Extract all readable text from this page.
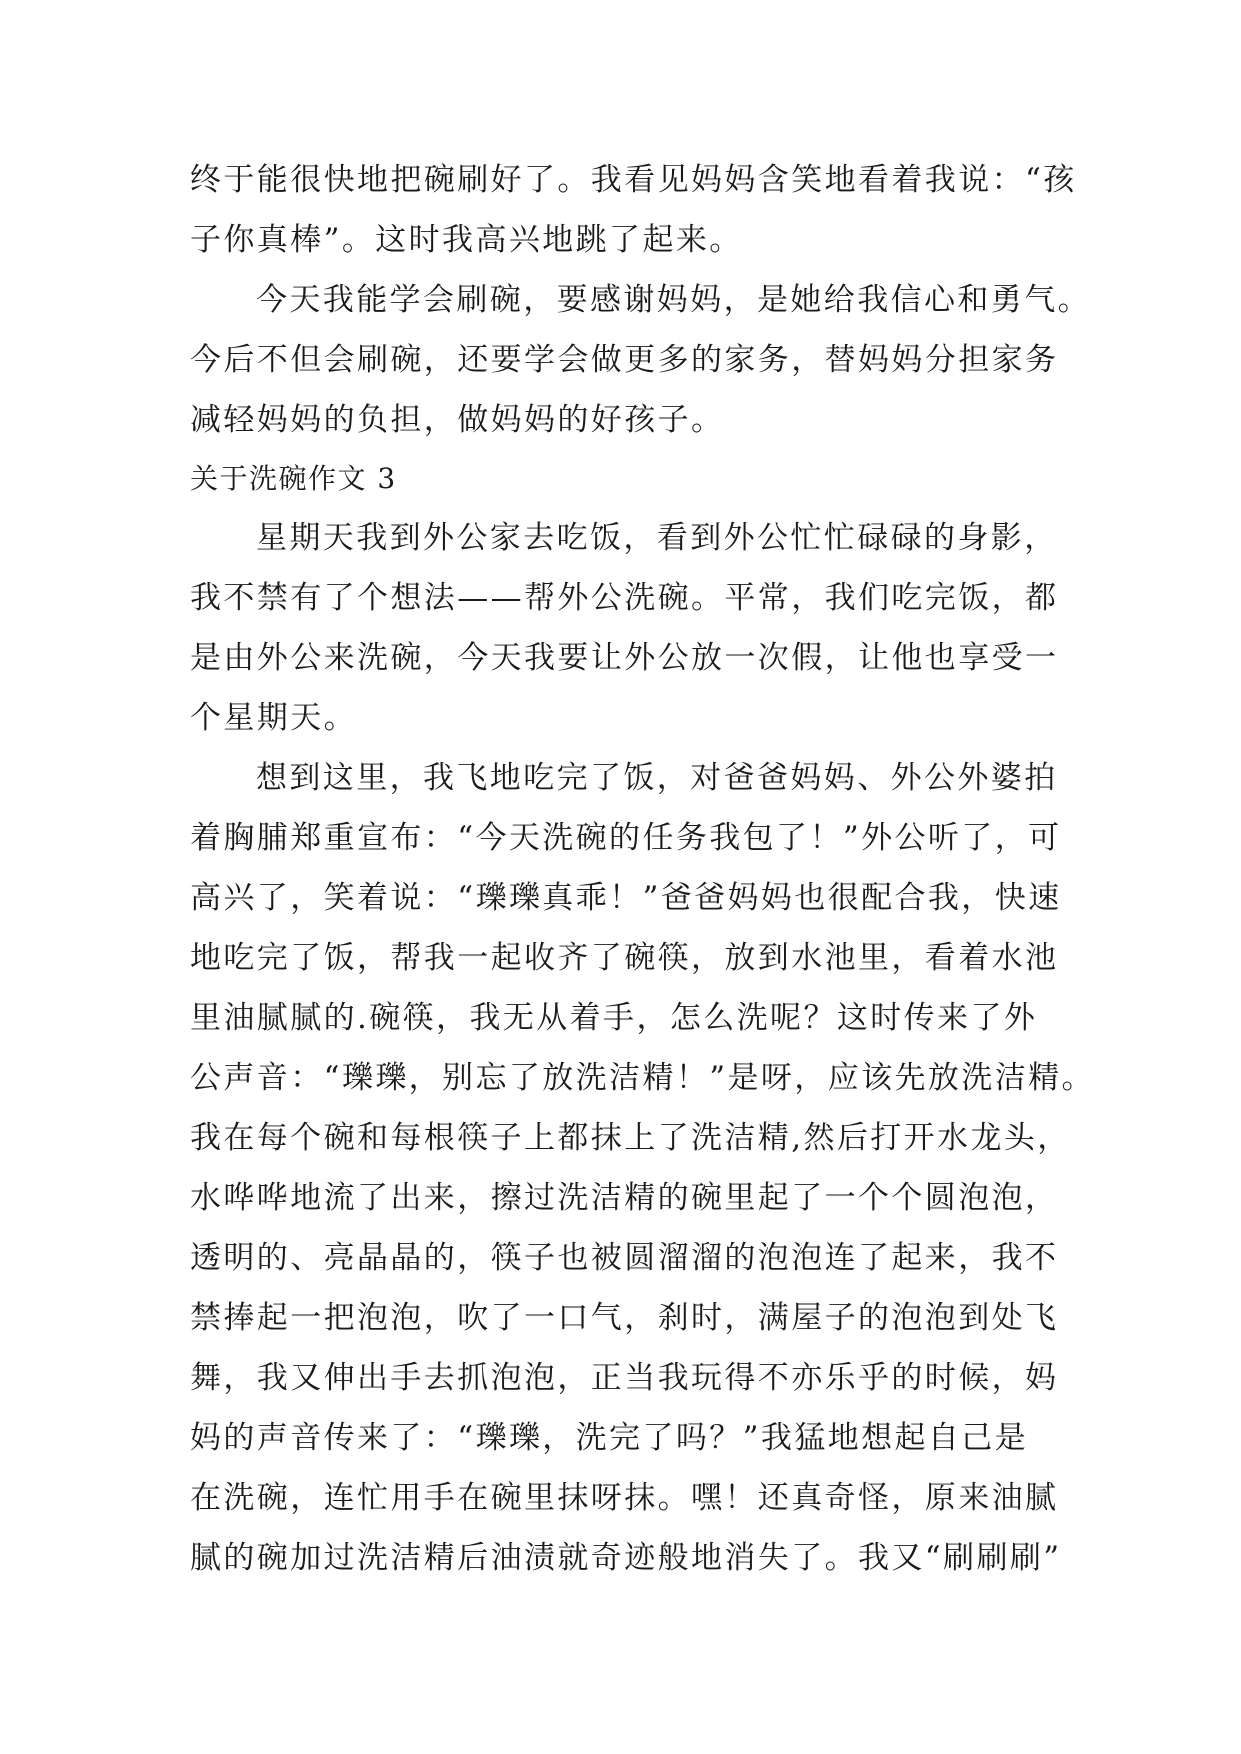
终于能很快地把碗刷好了。我看见妈妈含笑地看着我说：“孩
子你真棒”。这时我高兴地跳了起来。
今天我能学会刷碗，要感谢妈妈，是她给我信心和勇气。
今后不但会刷碗，还要学会做更多的家务，替妈妈分担家务
减轻妈妈的负担，做妈妈的好孩子。
关于洗碗作文 3
星期天我到外公家去吃饭，看到外公忙忙碌碌的身影，
我不禁有了个想法——帮外公洗碗。平常，我们吃完饭，都
是由外公来洗碗，今天我要让外公放一次假，让他也享受一
个星期天。
想到这里，我飞地吃完了饭，对爸爸妈妈、外公外婆拍
着胸脯郑重宣布：“今天洗碗的任务我包了！”外公听了，可
高兴了，笑着说：“瓅瓅真乖！”爸爸妈妈也很配合我，快速
地吃完了饭，帮我一起收齐了碗筷，放到水池里，看着水池
里油腻腻的.碗筷，我无从着手，怎么洗呢？这时传来了外
公声音：“瓅瓅，别忘了放洗洁精！”是呀，应该先放洗洁精。
我在每个碗和每根筷子上都抹上了洗洁精,然后打开水龙头，
水哗哗地流了出来，擦过洗洁精的碗里起了一个个圆泡泡，
透明的、亮晶晶的，筷子也被圆溜溜的泡泡连了起来，我不
禁捧起一把泡泡，吹了一口气，刹时，满屋子的泡泡到处飞
舞，我又伸出手去抓泡泡，正当我玩得不亦乐乎的时候，妈
妈的声音传来了：“瓅瓅，洗完了吗？”我猛地想起自己是
在洗碗，连忙用手在碗里抹呀抹。嘿！还真奇怪，原来油腻
腻的碗加过洗洁精后油渍就奇迹般地消失了。我又“刷刷刷”
